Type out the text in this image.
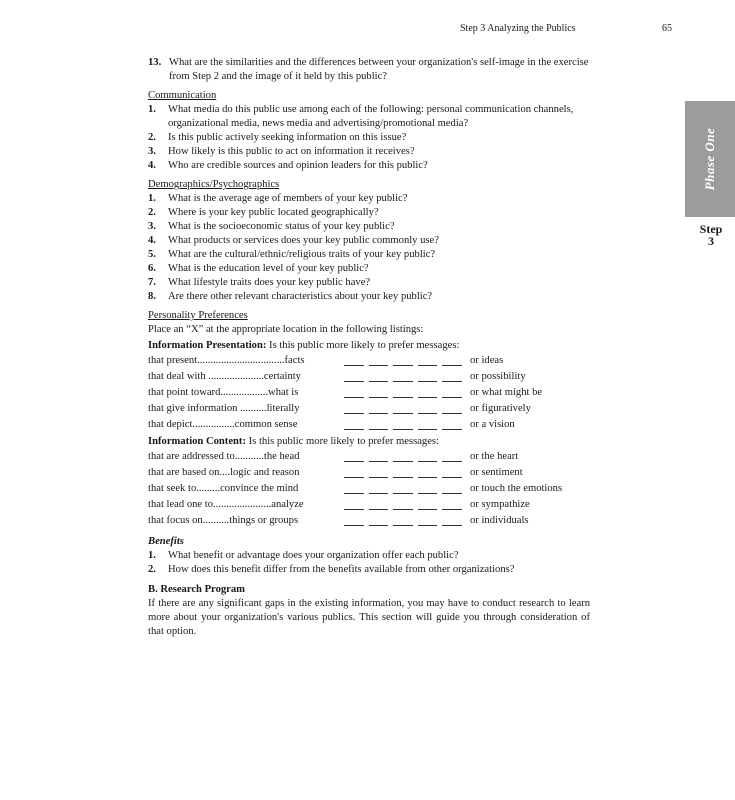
Step 3 Analyzing the Publics	65
Phase One
Step
3
13. What are the similarities and the differences between your organization's self-image in the exercise from Step 2 and the image of it held by this public?
Communication
1.	What media do this public use among each of the following: personal communication channels, organizational media, news media and advertising/promotional media?
2.	Is this public actively seeking information on this issue?
3.	How likely is this public to act on information it receives?
4.	Who are credible sources and opinion leaders for this public?
Demographics/Psychographics
1.	What is the average age of members of your key public?
2.	Where is your key public located geographically?
3.	What is the socioeconomic status of your key public?
4.	What products or services does your key public commonly use?
5.	What are the cultural/ethnic/religious traits of your key public?
6.	What is the education level of your key public?
7.	What lifestyle traits does your key public have?
8.	Are there other relevant characteristics about your key public?
Personality Preferences
Place an “X” at the appropriate location in the following listings:
Information Presentation: Is this public more likely to prefer messages:
that present.................................facts	or ideas
that deal with .....................certainty	or possibility
that point toward..................what is	or what might be
that give information ..........literally	or figuratively
that depict................common sense	or a vision
Information Content: Is this public more likely to prefer messages:
that are addressed to...........the head	or the heart
that are based on....logic and reason	or sentiment
that seek to.........convince the mind	or touch the emotions
that lead one to......................analyze	or sympathize
that focus on..........things or groups	or individuals
Benefits
1.	What benefit or advantage does your organization offer each public?
2.	How does this benefit differ from the benefits available from other organizations?
B. Research Program
If there are any significant gaps in the existing information, you may have to conduct research to learn more about your organization's various publics. This section will guide you through consideration of that option.
